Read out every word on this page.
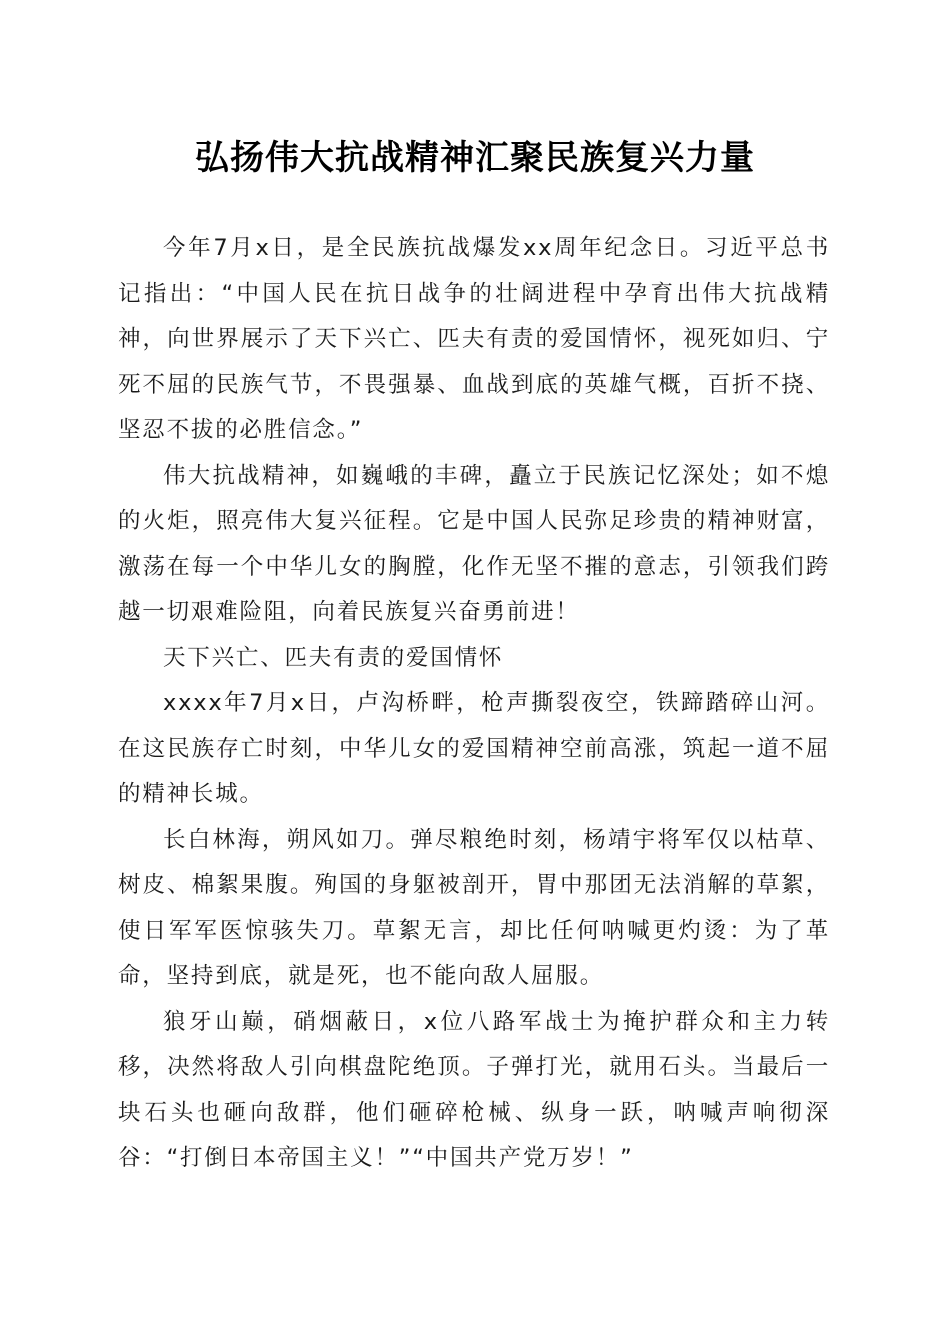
弘扬伟大抗战精神汇聚民族复兴力量

今年7月x日，是全民族抗战爆发xx周年纪念日。习近平总书记指出：“中国人民在抗日战争的壮阔进程中孕育出伟大抗战精神，向世界展示了天下兴亡、匹夫有责的爱国情怀，视死如归、宁死不屈的民族气节，不畏强暴、血战到底的英雄气概，百折不挠、坚忍不拔的必胜信念。”

伟大抗战精神，如巍峨的丰碑，矗立于民族记忆深处；如不熄的火炬，照亮伟大复兴征程。它是中国人民弥足珍贵的精神财富，激荡在每一个中华儿女的胸膛，化作无坚不摧的意志，引领我们跨越一切艰难险阻，向着民族复兴奋勇前进！

天下兴亡、匹夫有责的爱国情怀

xxxx年7月x日，卢沟桥畔，枪声撕裂夜空，铁蹄踏碎山河。在这民族存亡时刻，中华儿女的爱国精神空前高涨，筑起一道不屈的精神长城。

长白林海，朔风如刀。弹尽粮绝时刻，杨靖宇将军仅以枯草、树皮、棉絮果腹。殉国的身躯被剖开，胃中那团无法消解的草絮，使日军军医惊骇失刀。草絮无言，却比任何呐喊更灼烫：为了革命，坚持到底，就是死，也不能向敌人屈服。

狼牙山巅，硝烟蔽日，x位八路军战士为掩护群众和主力转移，决然将敌人引向棋盘陀绝顶。子弹打光，就用石头。当最后一块石头也砸向敌群，他们砸碎枪械、纵身一跃，呐喊声响彻深谷：“打倒日本帝国主义！”“中国共产党万岁！”
